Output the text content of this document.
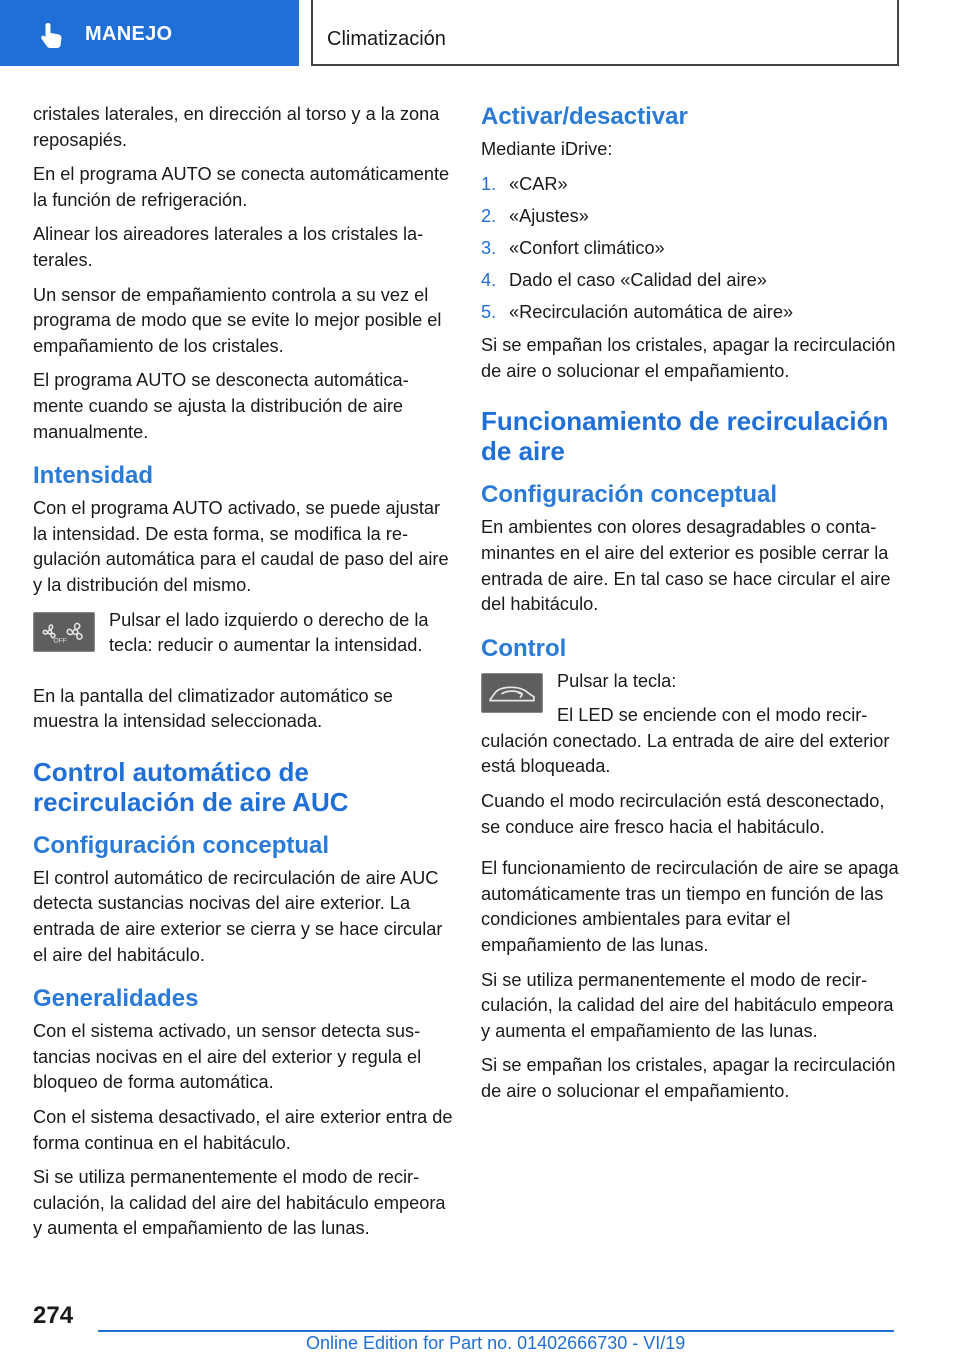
MANEJO	Climatización

cristales laterales, en dirección al torso y a la zona reposapiés.

En el programa AUTO se conecta automáticamente la función de refrigeración.

Alinear los aireadores laterales a los cristales laterales.

Un sensor de empañamiento controla a su vez el programa de modo que se evite lo mejor posible el empañamiento de los cristales.

El programa AUTO se desconecta automáticamente cuando se ajusta la distribución de aire manualmente.

Intensidad

Con el programa AUTO activado, se puede ajustar la intensidad. De esta forma, se modifica la regulación automática para el caudal de paso del aire y la distribución del mismo.

OFF

Pulsar el lado izquierdo o derecho de la tecla: reducir o aumentar la intensidad.

En la pantalla del climatizador automático se muestra la intensidad seleccionada.

Control automático de recirculación de aire AUC
Configuración conceptual

El control automático de recirculación de aire AUC detecta sustancias nocivas del aire exterior. La entrada de aire exterior se cierra y se hace circular el aire del habitáculo.

Generalidades

Con el sistema activado, un sensor detecta sustancias nocivas en el aire del exterior y regula el bloqueo de forma automática.

Con el sistema desactivado, el aire exterior entra de forma continua en el habitáculo.

Si se utiliza permanentemente el modo de recirculación, la calidad del aire del habitáculo empeora y aumenta el empañamiento de las lunas.

Activar/desactivar

Mediante iDrive:

1. «CAR»
2. «Ajustes»
3. «Confort climático»
4. Dado el caso «Calidad del aire»
5. «Recirculación automática de aire»

Si se empañan los cristales, apagar la recirculación de aire o solucionar el empañamiento.

Funcionamiento de recirculación de aire
Configuración conceptual

En ambientes con olores desagradables o contaminantes en el aire del exterior es posible cerrar la entrada de aire. En tal caso se hace circular el aire del habitáculo.

Control

Pulsar la tecla:

El LED se enciende con el modo recirculación conectado. La entrada de aire del exterior está bloqueada.

Cuando el modo recirculación está desconectado, se conduce aire fresco hacia el habitáculo.

El funcionamiento de recirculación de aire se apaga automáticamente tras un tiempo en función de las condiciones ambientales para evitar el empañamiento de las lunas.

Si se utiliza permanentemente el modo de recirculación, la calidad del aire del habitáculo empeora y aumenta el empañamiento de las lunas.

Si se empañan los cristales, apagar la recirculación de aire o solucionar el empañamiento.

274
Online Edition for Part no. 01402666730 - VI/19
